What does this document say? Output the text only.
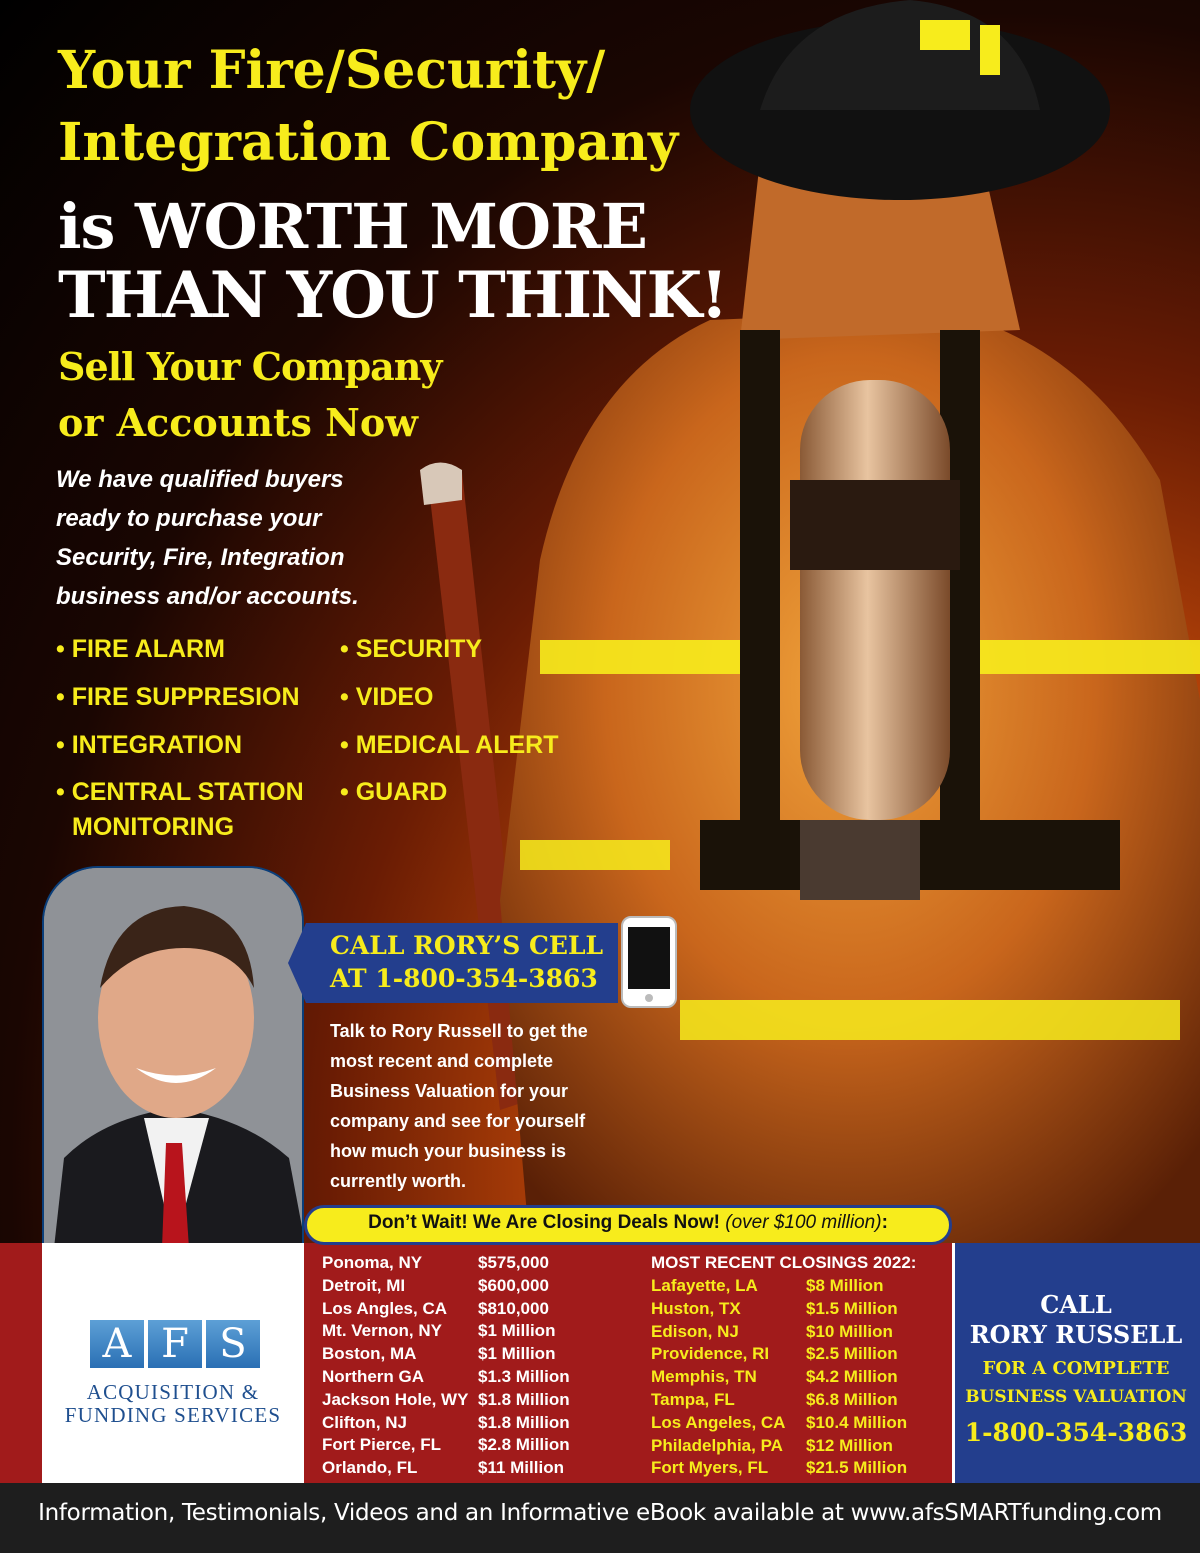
Your Fire/Security/
Integration Company
is WORTH MORE
THAN YOU THINK!
Sell Your Company
or Accounts Now
We have qualified buyers
ready to purchase your
Security, Fire, Integration
business and/or accounts.
• FIRE ALARM
• FIRE SUPPRESION
• INTEGRATION
• CENTRAL STATION
MONITORING
• SECURITY
• VIDEO
• MEDICAL ALERT
• GUARD
CALL RORY’S CELL
AT 1-800-354-3863
Talk to Rory Russell to get the
most recent and complete
Business Valuation for your
company and see for yourself
how much your business is
currently worth.
A F S
ACQUISITION &
FUNDING SERVICES
Don’t Wait! We Are Closing Deals Now! (over $100 million):
Ponoma, NY
Detroit, MI
Los Angles, CA
Mt. Vernon, NY
Boston, MA
Northern GA
Jackson Hole, WY
Clifton, NJ
Fort Pierce, FL
Orlando, FL
$575,000
$600,000
$810,000
$1 Million
$1 Million
$1.3 Million
$1.8 Million
$1.8 Million
$2.8 Million
$11 Million
MOST RECENT CLOSINGS 2022:
Lafayette, LA
Huston, TX
Edison, NJ
Providence, RI
Memphis, TN
Tampa, FL
Los Angeles, CA
Philadelphia, PA
Fort Myers, FL
$8 Million
$1.5 Million
$10 Million
$2.5 Million
$4.2 Million
$6.8 Million
$10.4 Million
$12 Million
$21.5 Million
CALL
RORY RUSSELL
FOR A COMPLETE
BUSINESS VALUATION
1-800-354-3863
Information, Testimonials, Videos and an Informative eBook available at www.afsSMARTfunding.com
